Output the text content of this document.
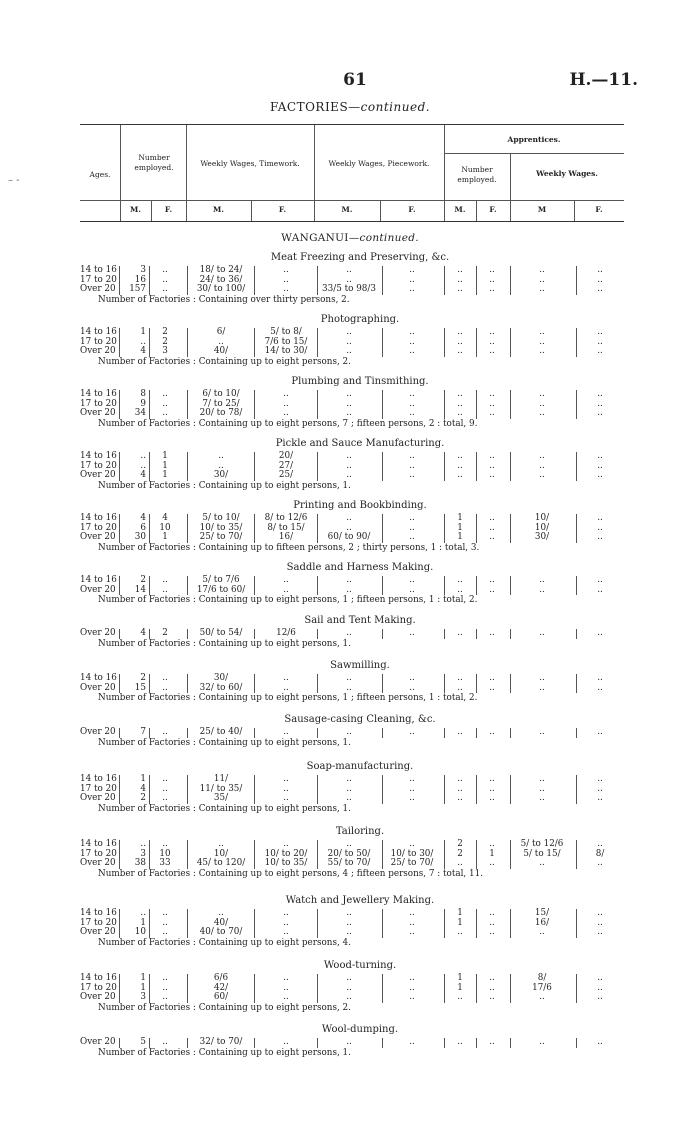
61	H.—11.
FACTORIES—continued.
Ages.
Number employed.	Weekly Wages, Timework.	Weekly Wages, Piecework.
Apprentices.
Number employed.
Weekly Wages.
M.	F.	M.	F.	M.	F.	M.	F.	M	F.
WANGANUI—continued.
– -
Meat Freezing and Preserving, &c.
14 to 16	3	..	18/ to 24/	..	..	..	..	..	..	..
17 to 20	16	..	24/ to 36/	..	..	..	..	..	..	..
Over 20	157	..	30/ to 100/	..	33/5 to 98/3	..	..	..	..	..
Number of Factories : Containing over thirty persons, 2.
Photographing.
14 to 16	1	2	6/	5/ to 8/	..	..	..	..	..	..
17 to 20	..	2	..	7/6 to 15/	..	..	..	..	..	..
Over 20	4	3	40/	14/ to 30/	..	..	..	..	..	..
Number of Factories : Containing up to eight persons, 2.
Plumbing and Tinsmithing.
14 to 16	8	..	6/ to 10/	..	..	..	..	..	..	..
17 to 20	9	..	7/ to 25/	..	..	..	..	..	..	..
Over 20	34	..	20/ to 78/	..	..	..	..	..	..	..
Number of Factories : Containing up to eight persons, 7 ; fifteen persons, 2 : total, 9.
Pickle and Sauce Manufacturing.
14 to 16	..	1	..	20/	..	..	..	..	..	..
17 to 20	..	1	..	27/	..	..	..	..	..	..
Over 20	4	1	30/	25/	..	..	..	..	..	..
Number of Factories : Containing up to eight persons, 1.
Printing and Bookbinding.
14 to 16	4	4	5/ to 10/	8/ to 12/6	..	..	1	..	10/	..
17 to 20	6	10	10/ to 35/	8/ to 15/	..	..	1	..	10/	..
Over 20	30	1	25/ to 70/	16/	60/ to 90/	..	1	..	30/	..
Number of Factories : Containing up to fifteen persons, 2 ; thirty persons, 1 : total, 3.
Saddle and Harness Making.
14 to 16	2	..	5/ to 7/6	..	..	..	..	..	..	..
Over 20	14	..	17/6 to 60/	..	..	..	..	..	..	..
Number of Factories : Containing up to eight persons, 1 ; fifteen persons, 1 : total, 2.
Sail and Tent Making.
Over 20	4	2	50/ to 54/	12/6	..	..	..	..	..	..
Number of Factories : Containing up to eight persons, 1.
Sawmilling.
14 to 16	2	..	30/	..	..	..	..	..	..	..
Over 20	15	..	32/ to 60/	..	..	..	..	..	..	..
Number of Factories : Containing up to eight persons, 1 ; fifteen persons, 1 : total, 2.
Sausage-casing Cleaning, &c.
Over 20	7	..	25/ to 40/	..	..	..	..	..	..	..
Number of Factories : Containing up to eight persons, 1.
Soap-manufacturing.
14 to 16	1	..	11/	..	..	..	..	..	..	..
17 to 20	4	..	11/ to 35/	..	..	..	..	..	..	..
Over 20	2	..	35/	..	..	..	..	..	..	..
Number of Factories : Containing up to eight persons, 1.
Tailoring.
14 to 16	..	..	..	..	..	..	2	..	5/ to 12/6	..
17 to 20	3	10	10/	10/ to 20/	20/ to 50/	10/ to 30/	2	1	5/ to 15/	8/
Over 20	38	33	45/ to 120/	10/ to 35/	55/ to 70/	25/ to 70/	..	..	..	..
Number of Factories : Containing up to eight persons, 4 ; fifteen persons, 7 : total, 11.
Watch and Jewellery Making.
14 to 16	..	..	..	..	..	..	1	..	15/	..
17 to 20	1	..	40/	..	..	..	1	..	16/	..
Over 20	10	..	40/ to 70/	..	..	..	..	..	..	..
Number of Factories : Containing up to eight persons, 4.
Wood-turning.
14 to 16	1	..	6/6	..	..	..	1	..	8/	..
17 to 20	1	..	42/	..	..	..	1	..	17/6	..
Over 20	3	..	60/	..	..	..	..	..	..	..
Number of Factories : Containing up to eight persons, 2.
Wool-dumping.
Over 20	5	..	32/ to 70/	..	..	..	..	..	..	..
Number of Factories : Containing up to eight persons, 1.
